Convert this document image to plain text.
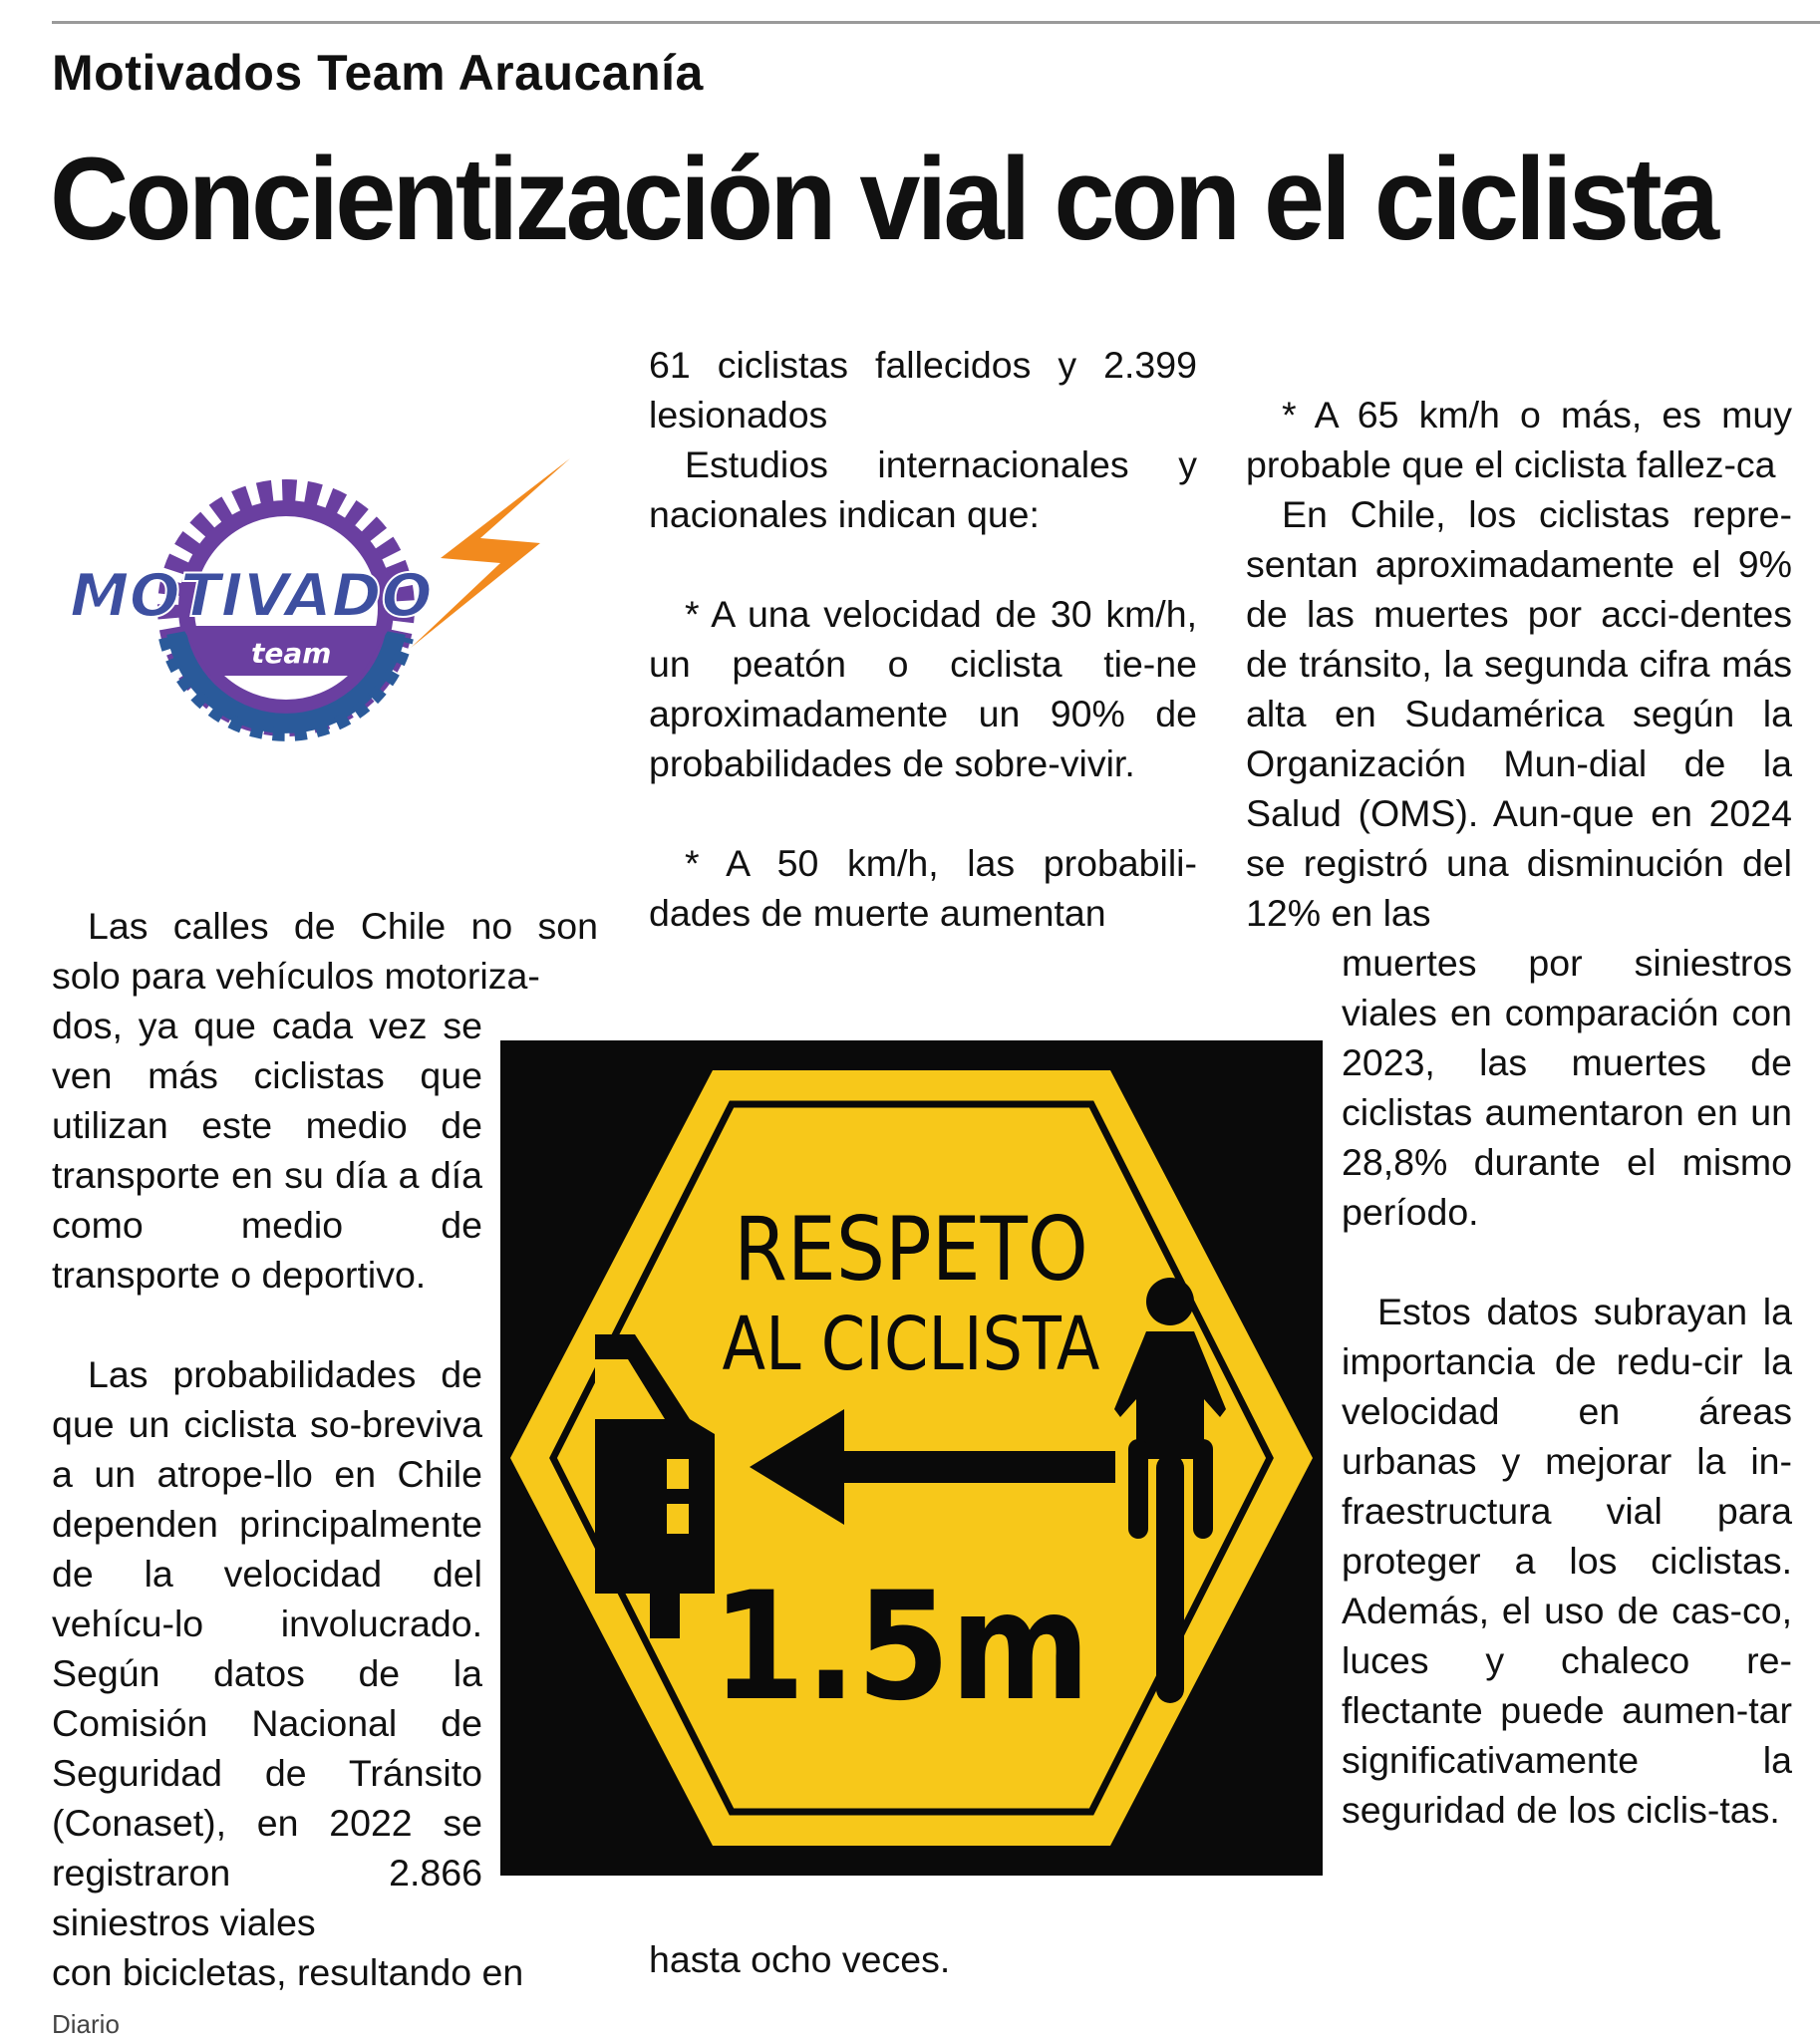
Motivados Team Araucanía
Concientización vial con el ciclista
MOTIVADO
team

Las calles de Chile no son solo para vehículos motoriza-

dos, ya que cada vez se ven más ciclistas que utilizan este medio de transporte en su día a día como medio de transporte o deportivo.

Las probabilidades de que un ciclista so-breviva a un atrope-llo en Chile dependen principalmente de la velocidad del vehícu-lo involucrado. Según datos de la Comisión Nacional de Seguridad de Tránsito (Conaset), en 2022 se registraron 2.866 siniestros viales

con bicicletas, resultando en

61 ciclistas fallecidos y 2.399 lesionados

Estudios internacionales y nacionales indican que:

* A una velocidad de 30 km/h, un peatón o ciclista tie-ne aproximadamente un 90% de probabilidades de sobre-vivir.

* A 50 km/h, las probabili-dades de muerte aumentan

hasta ocho veces.

* A 65 km/h o más, es muy probable que el ciclista fallez-ca

En Chile, los ciclistas repre-sentan aproximadamente el 9% de las muertes por acci-dentes de tránsito, la segunda cifra más alta en Sudamérica según la Organización Mun-dial de la Salud (OMS). Aun-que en 2024 se registró una disminución del 12% en las

muertes por siniestros viales en comparación con 2023, las muertes de ciclistas aumentaron en un 28,8% durante el mismo período.

Estos datos subrayan la importancia de redu-cir la velocidad en áreas urbanas y mejorar la in-fraestructura vial para proteger a los ciclistas. Además, el uso de cas-co, luces y chaleco re-flectante puede aumen-tar significativamente la seguridad de los ciclis-tas.

RESPETO
AL CICLISTA
1.5m
Diario
